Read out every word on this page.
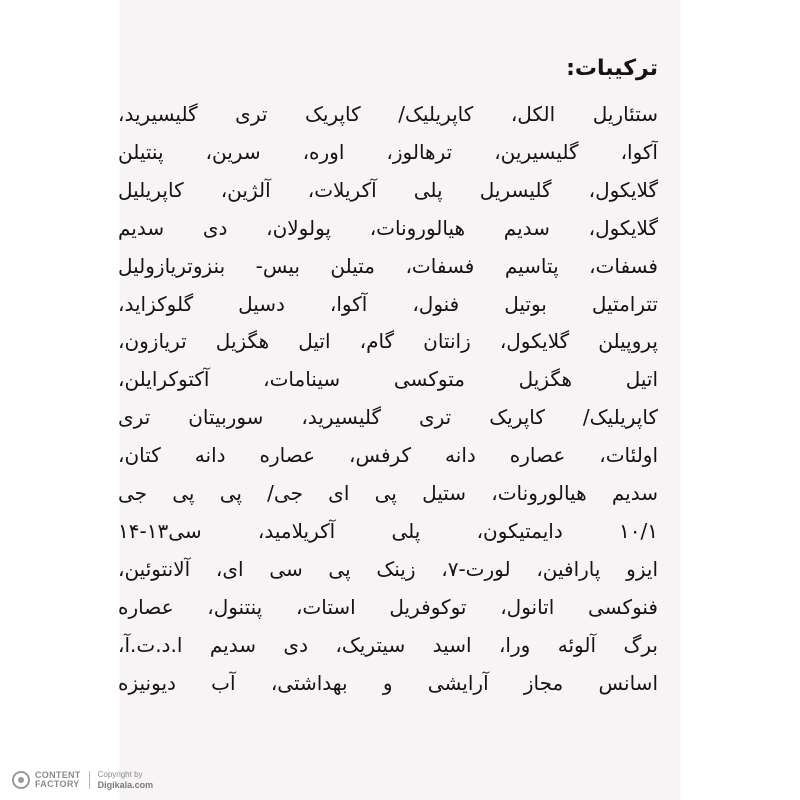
ترکیبات:
ستئاریل الکل، کاپریلیک/ کاپریک تری گلیسیرید،
آکوا، گلیسیرین، ترهالوز، اوره، سرین، پنتیلن
گلایکول، گلیسریل پلی آکریلات، آلژین، کاپریلیل
گلایکول، سدیم هیالورونات، پولولان، دی سدیم
فسفات، پتاسیم فسفات، متیلن بیس- بنزوتریازولیل
تترامتیل بوتیل فنول، آکوا، دسیل گلوکزاید،
پروپیلن گلایکول، زانتان گام، اتیل هگزیل تریازون،
اتیل هگزیل متوکسی سینامات، آکتوکرایلن،
کاپریلیک/ کاپریک تری گلیسیرید، سوربیتان تری
اولئات، عصاره دانه کرفس، عصاره دانه کتان،
سدیم هیالورونات، ستیل پی ای جی/ پی پی جی
۱۰/۱ دایمتیکون، پلی آکریلامید، سی۱۳-۱۴
ایزو پارافین، لورت-۷، زینک پی سی ای، آلانتوئین،
فنوکسی اتانول، توکوفریل استات، پنتنول، عصاره
برگ آلوئه ورا، اسید سیتریک، دی سدیم ا.د.ت.آ،
اسانس مجاز آرایشی و بهداشتی، آب دیونیزه
CONTENT
FACTORY
Copyright by
Digikala.com
